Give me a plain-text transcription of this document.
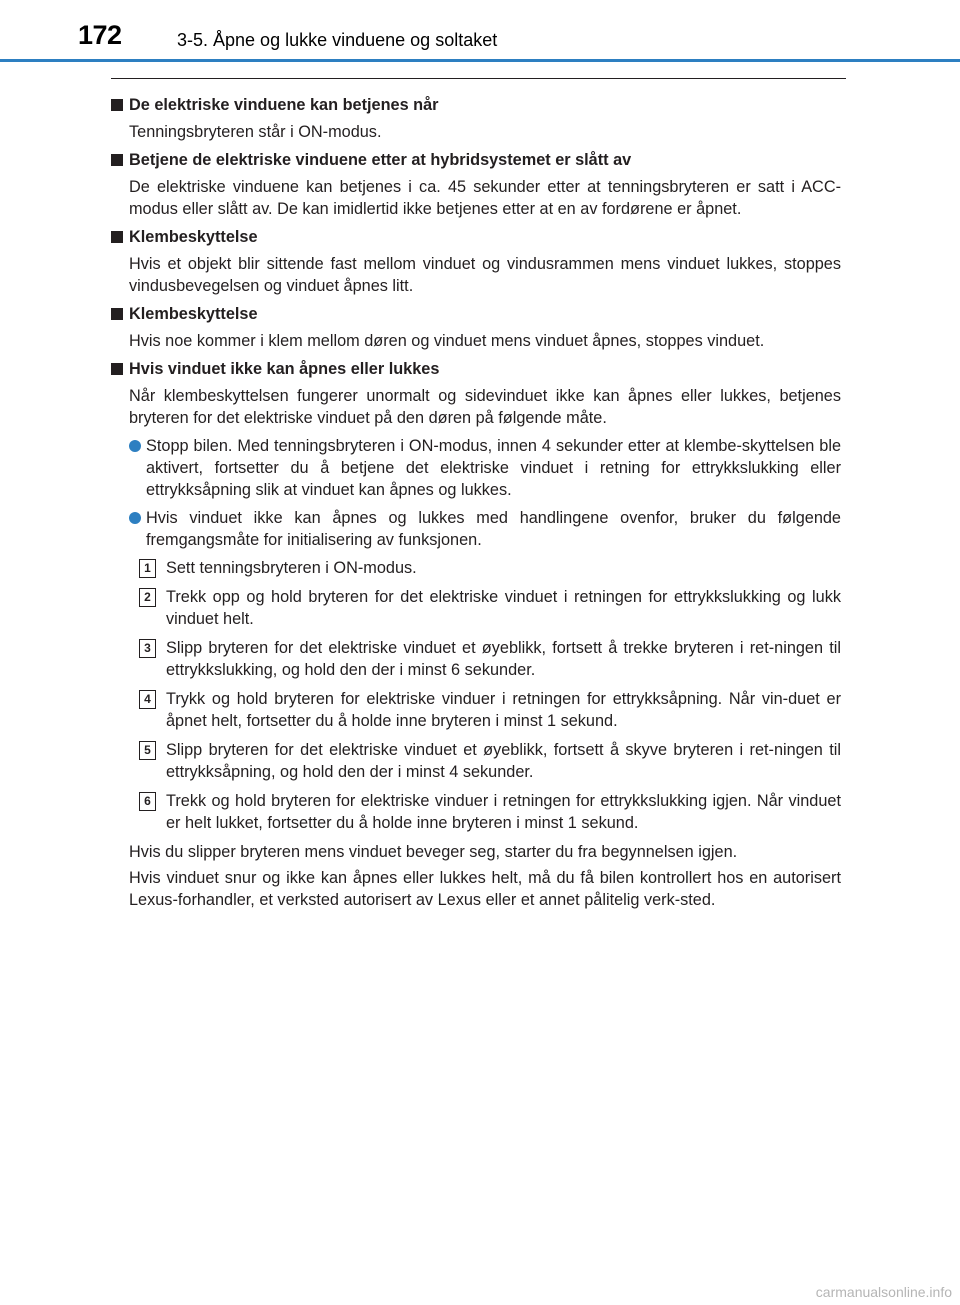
172	3-5. Åpne og lukke vinduene og soltaket
De elektriske vinduene kan betjenes når
Tenningsbryteren står i ON-modus.
Betjene de elektriske vinduene etter at hybridsystemet er slått av
De elektriske vinduene kan betjenes i ca. 45 sekunder etter at tenningsbryteren er satt i ACC-modus eller slått av. De kan imidlertid ikke betjenes etter at en av fordørene er åpnet.
Klembeskyttelse
Hvis et objekt blir sittende fast mellom vinduet og vindusrammen mens vinduet lukkes, stoppes vindusbevegelsen og vinduet åpnes litt.
Klembeskyttelse
Hvis noe kommer i klem mellom døren og vinduet mens vinduet åpnes, stoppes vinduet.
Hvis vinduet ikke kan åpnes eller lukkes
Når klembeskyttelsen fungerer unormalt og sidevinduet ikke kan åpnes eller lukkes, betjenes bryteren for det elektriske vinduet på den døren på følgende måte.
Stopp bilen. Med tenningsbryteren i ON-modus, innen 4 sekunder etter at klembe-skyttelsen ble aktivert, fortsetter du å betjene det elektriske vinduet i retning for ettrykkslukking eller ettrykksåpning slik at vinduet kan åpnes og lukkes.
Hvis vinduet ikke kan åpnes og lukkes med handlingene ovenfor, bruker du følgende fremgangsmåte for initialisering av funksjonen.
1 Sett tenningsbryteren i ON-modus.
2 Trekk opp og hold bryteren for det elektriske vinduet i retningen for ettrykkslukking og lukk vinduet helt.
3 Slipp bryteren for det elektriske vinduet et øyeblikk, fortsett å trekke bryteren i ret-ningen til ettrykkslukking, og hold den der i minst 6 sekunder.
4 Trykk og hold bryteren for elektriske vinduer i retningen for ettrykksåpning. Når vin-duet er åpnet helt, fortsetter du å holde inne bryteren i minst 1 sekund.
5 Slipp bryteren for det elektriske vinduet et øyeblikk, fortsett å skyve bryteren i ret-ningen til ettrykksåpning, og hold den der i minst 4 sekunder.
6 Trekk og hold bryteren for elektriske vinduer i retningen for ettrykkslukking igjen. Når vinduet er helt lukket, fortsetter du å holde inne bryteren i minst 1 sekund.
Hvis du slipper bryteren mens vinduet beveger seg, starter du fra begynnelsen igjen.
Hvis vinduet snur og ikke kan åpnes eller lukkes helt, må du få bilen kontrollert hos en autorisert Lexus-forhandler, et verksted autorisert av Lexus eller et annet pålitelig verk-sted.
carmanualsonline.info
